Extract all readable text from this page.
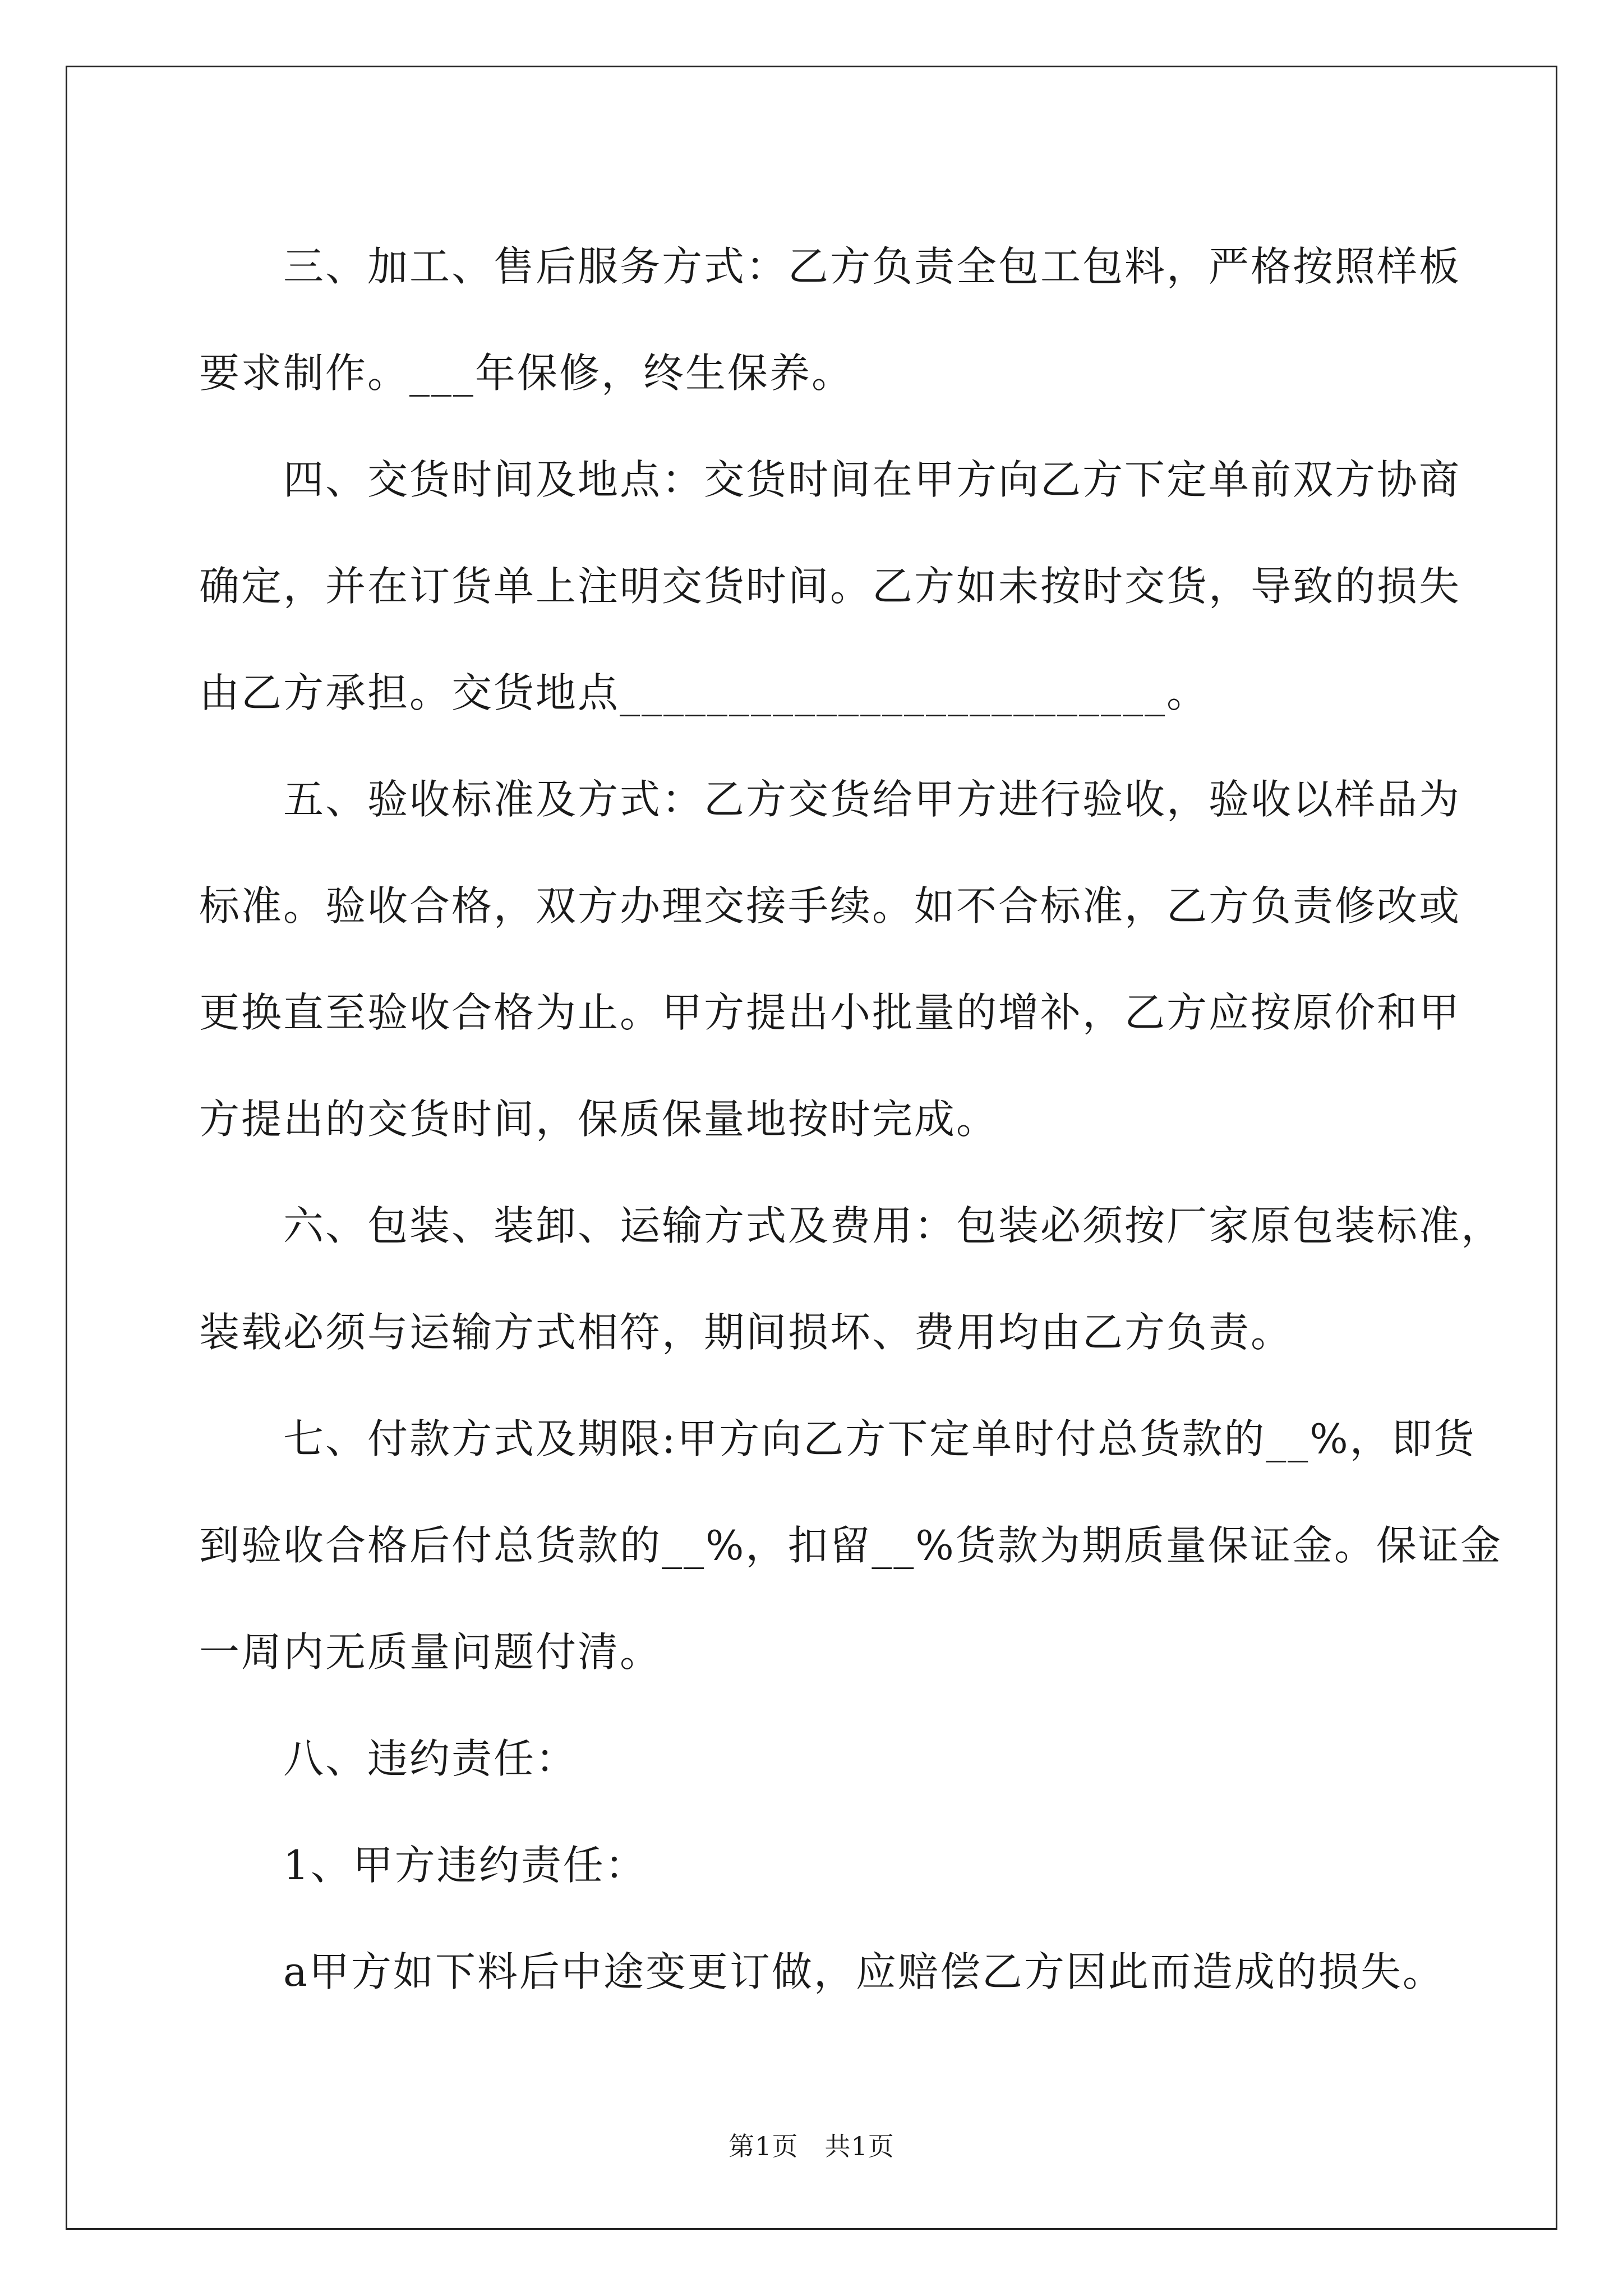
　　三、加工、售后服务方式：乙方负责全包工包料，严格按照样板

要求制作。___年保修，终生保养。

　　四、交货时间及地点：交货时间在甲方向乙方下定单前双方协商

确定，并在订货单上注明交货时间。乙方如未按时交货，导致的损失

由乙方承担。交货地点_________________________。

　　五、验收标准及方式：乙方交货给甲方进行验收，验收以样品为

标准。验收合格，双方办理交接手续。如不合标准，乙方负责修改或

更换直至验收合格为止。甲方提出小批量的增补，乙方应按原价和甲

方提出的交货时间，保质保量地按时完成。

　　六、包装、装卸、运输方式及费用：包装必须按厂家原包装标准，

装载必须与运输方式相符，期间损坏、费用均由乙方负责。

　　七、付款方式及期限:甲方向乙方下定单时付总货款的__%，即货

到验收合格后付总货款的__%，扣留__%货款为期质量保证金。保证金

一周内无质量问题付清。

　　八、违约责任：

　　1、甲方违约责任：

　　a甲方如下料后中途变更订做，应赔偿乙方因此而造成的损失。

第1页　共1页
